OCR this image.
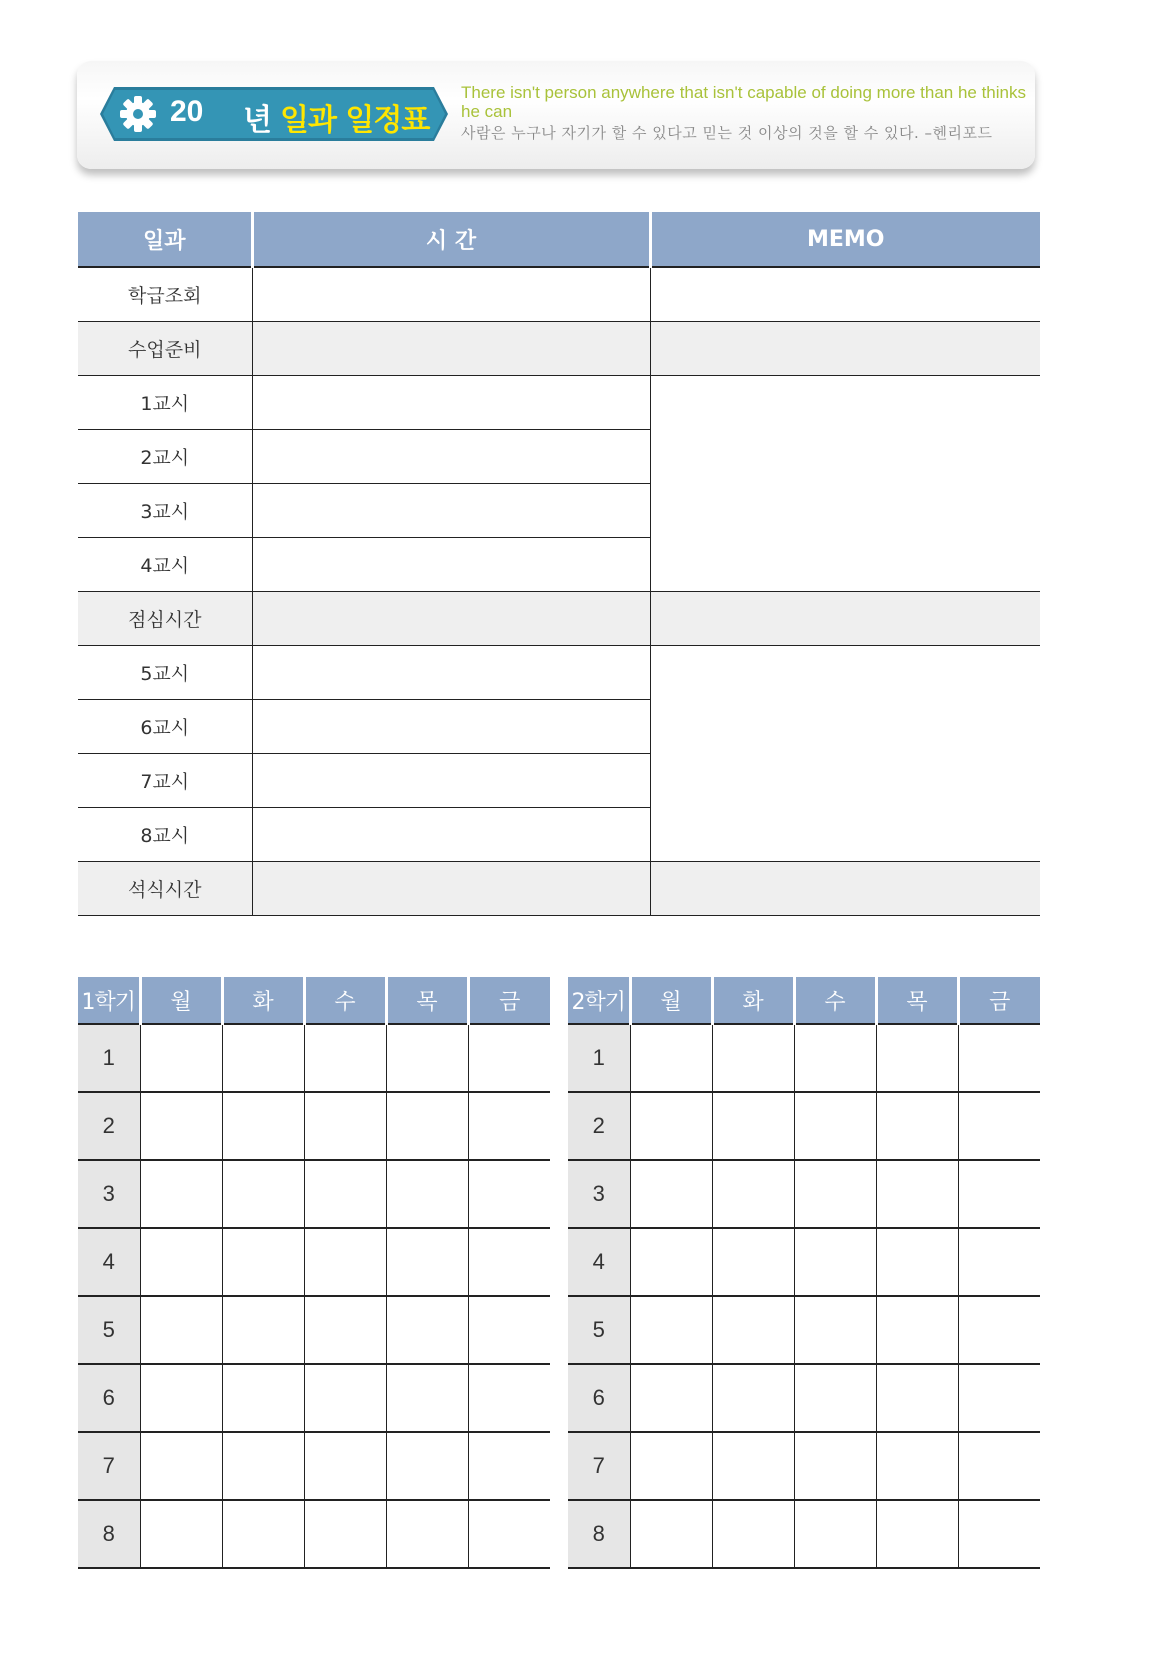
20 년 일과 일정표
There isn't person anywhere that isn't capable of doing more than he thinks he can
사람은 누구나 자기가 할 수 있다고 믿는 것 이상의 것을 할 수 있다. –헨리포드
일과	시 간	MEMO
학급조회		
수업준비		
1교시		
2교시		
3교시		
4교시		
점심시간		
5교시		
6교시		
7교시		
8교시		
석식시간		
1학기	월	화	수	목	금
1					
2					
3					
4					
5					
6					
7					
8					
2학기	월	화	수	목	금
1					
2					
3					
4					
5					
6					
7					
8					
